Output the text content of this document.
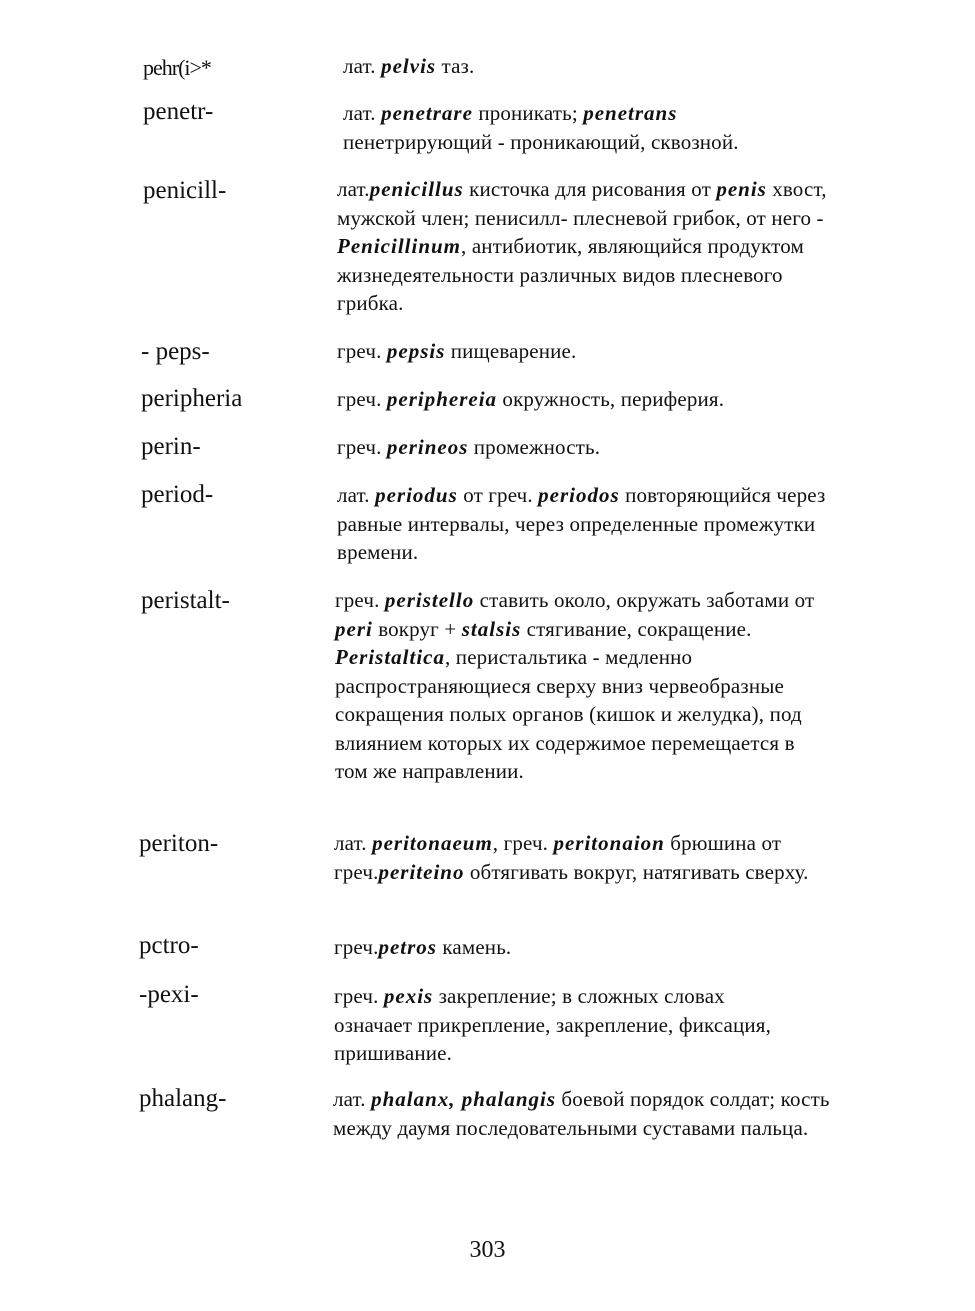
pehr(i>*	лат. pelvis таз.
penetr-	лат. penetrare проникать; penetrans пенетрирующий - проникающий, сквозной.
penicill-	лат.penicillus кисточка для рисования от penis хвост, мужской член; пенисилл- плесневой грибок, от него - Penicillinum, антибиотик, являющийся продуктом жизнедеятельности различных видов плесневого грибка.
- peps-	греч. pepsis пищеварение.
peripheria	греч. periphereia окружность, периферия.
perin-	греч. perineos промежность.
period-	лат. periodus от греч. periodos повторяющийся через равные интервалы, через определенные промежутки времени.
peristalt-	греч. peristello ставить около, окружать заботами от peri вокруг + stalsis стягивание, сокращение. Peristaltica, перистальтика - медленно распространяющиеся сверху вниз червеобразные сокращения полых органов (кишок и желудка), под влиянием которых их содержимое перемещается в том же направлении.
periton-	лат. peritonaeum, греч. peritonaion брюшина от греч.periteino обтягивать вокруг, натягивать сверху.
pctro-	греч.petros камень.
-pexi-	греч. pexis закрепление; в сложных словах означает прикрепление, закрепление, фиксация, пришивание.
phalang-	лат. phalanx, phalangis боевой порядок солдат; кость между даумя последовательными суставами пальца.
303
